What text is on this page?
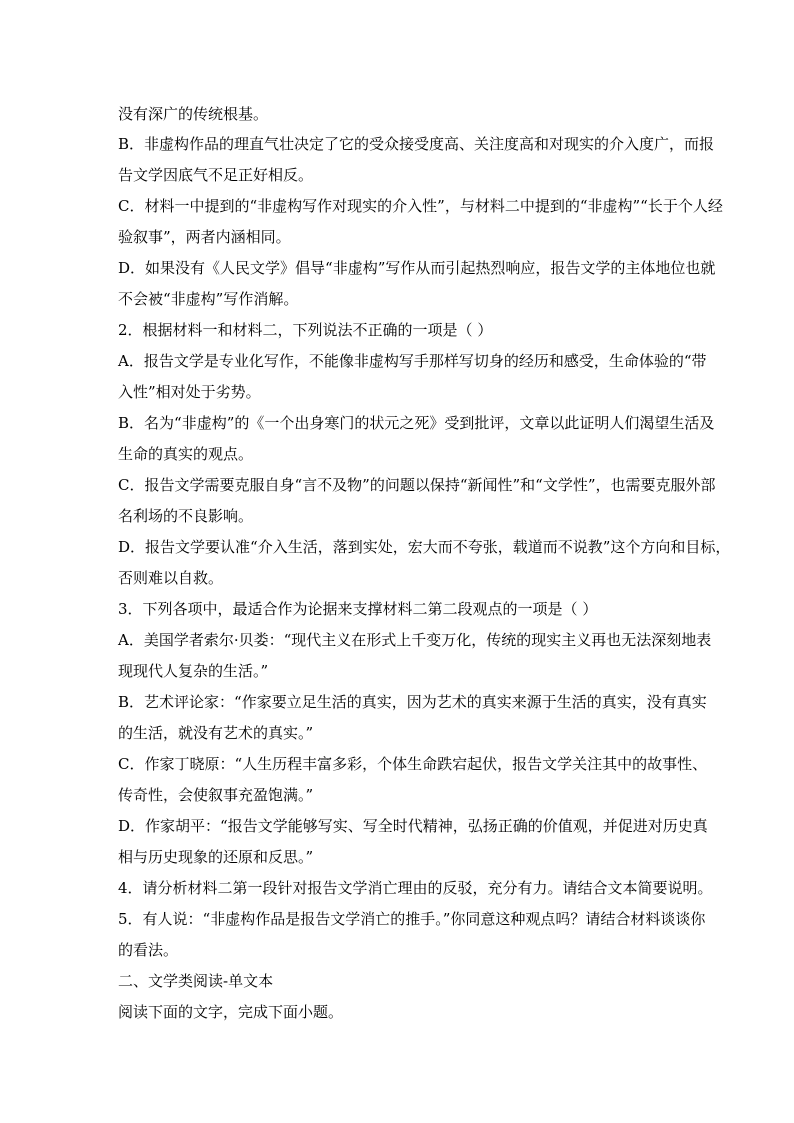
没有深广的传统根基。
B．非虚构作品的理直气壮决定了它的受众接受度高、关注度高和对现实的介入度广，而报
告文学因底气不足正好相反。
C．材料一中提到的“非虚构写作对现实的介入性”，与材料二中提到的“非虚构”“长于个人经
验叙事”，两者内涵相同。
D．如果没有《人民文学》倡导“非虚构”写作从而引起热烈响应，报告文学的主体地位也就
不会被“非虚构”写作消解。
2．根据材料一和材料二，下列说法不正确的一项是（ ）
A．报告文学是专业化写作，不能像非虚构写手那样写切身的经历和感受，生命体验的“带
入性”相对处于劣势。
B．名为“非虚构”的《一个出身寒门的状元之死》受到批评，文章以此证明人们渴望生活及
生命的真实的观点。
C．报告文学需要克服自身“言不及物”的问题以保持“新闻性”和“文学性”，也需要克服外部
名利场的不良影响。
D．报告文学要认准“介入生活，落到实处，宏大而不夸张，载道而不说教”这个方向和目标，
否则难以自救。
3．下列各项中，最适合作为论据来支撑材料二第二段观点的一项是（ ）
A．美国学者索尔·贝娄：“现代主义在形式上千变万化，传统的现实主义再也无法深刻地表
现现代人复杂的生活。”
B．艺术评论家：“作家要立足生活的真实，因为艺术的真实来源于生活的真实，没有真实
的生活，就没有艺术的真实。”
C．作家丁晓原：“人生历程丰富多彩，个体生命跌宕起伏，报告文学关注其中的故事性、
传奇性，会使叙事充盈饱满。”
D．作家胡平：“报告文学能够写实、写全时代精神，弘扬正确的价值观，并促进对历史真
相与历史现象的还原和反思。”
4．请分析材料二第一段针对报告文学消亡理由的反驳，充分有力。请结合文本简要说明。
5．有人说：“非虚构作品是报告文学消亡的推手。”你同意这种观点吗？请结合材料谈谈你
的看法。
二、文学类阅读-单文本
阅读下面的文字，完成下面小题。
